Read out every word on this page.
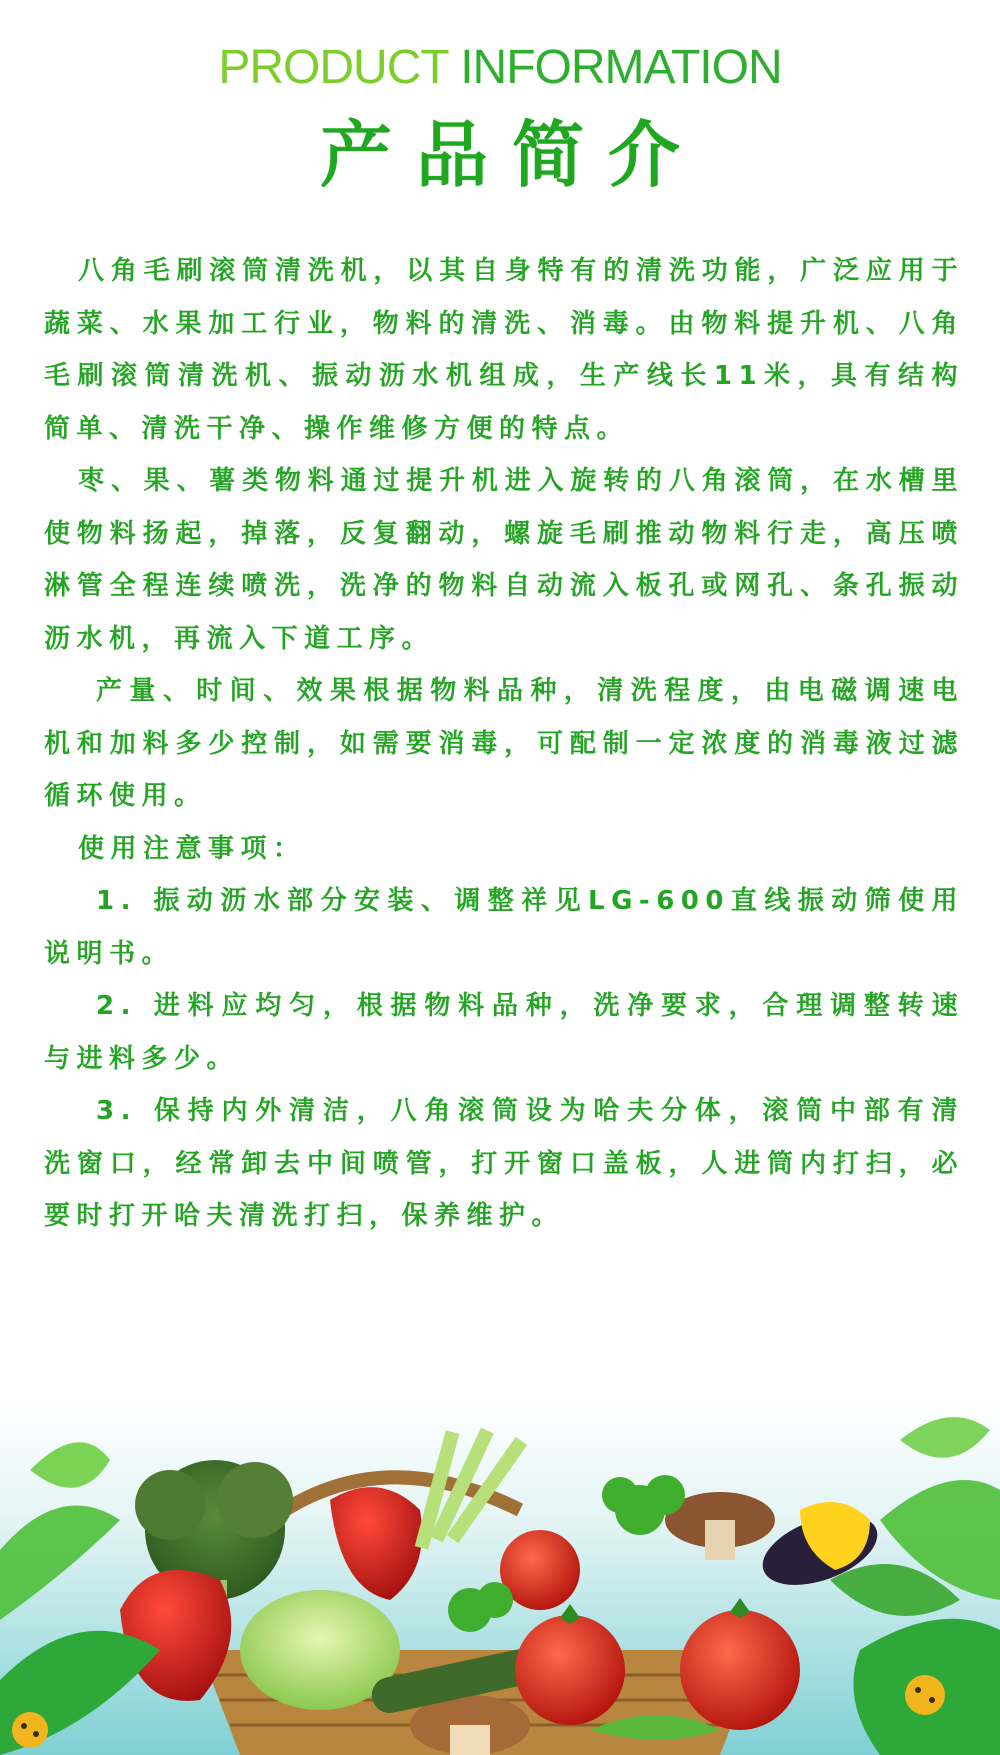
PRODUCT INFORMATION
产品简介

八角毛刷滚筒清洗机，以其自身特有的清洗功能，广泛应用于蔬菜、水果加工行业，物料的清洗、消毒。由物料提升机、八角毛刷滚筒清洗机、振动沥水机组成，生产线长11米，具有结构简单、清洗干净、操作维修方便的特点。

枣、果、薯类物料通过提升机进入旋转的八角滚筒，在水槽里使物料扬起，掉落，反复翻动，螺旋毛刷推动物料行走，高压喷淋管全程连续喷洗，洗净的物料自动流入板孔或网孔、条孔振动沥水机，再流入下道工序。

产量、时间、效果根据物料品种，清洗程度，由电磁调速电机和加料多少控制，如需要消毒，可配制一定浓度的消毒液过滤循环使用。

使用注意事项：

1. 振动沥水部分安装、调整祥见LG-600直线振动筛使用说明书。

2. 进料应均匀，根据物料品种，洗净要求，合理调整转速与进料多少。

3. 保持内外清洁，八角滚筒设为哈夫分体，滚筒中部有清洗窗口，经常卸去中间喷管，打开窗口盖板，人进筒内打扫，必要时打开哈夫清洗打扫，保养维护。
